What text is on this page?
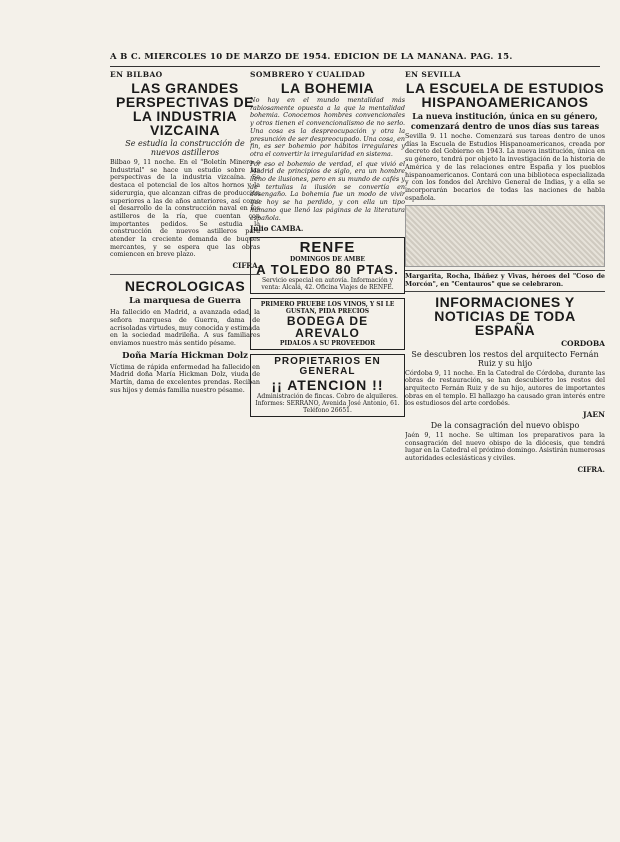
A B C. MIERCOLES 10 DE MARZO DE 1954. EDICION DE LA MAÑANA. PAG. 15.
EN BILBAO
LAS GRANDES PERSPECTIVAS DE LA INDUSTRIA VIZCAINA
Se estudia la construcción de nuevos astilleros

Bilbao 9, 11 noche. En el "Boletín Minero e Industrial" se hace un estudio sobre las perspectivas de la industria vizcaína. Se destaca el potencial de los altos hornos y la siderurgia, que alcanzan cifras de producción superiores a las de años anteriores, así como el desarrollo de la construcción naval en los astilleros de la ría, que cuentan con importantes pedidos. Se estudia la construcción de nuevos astilleros para atender la creciente demanda de buques mercantes, y se espera que las obras comiencen en breve plazo.

CIFRA.
NECROLOGICAS
La marquesa de Guerra

Ha fallecido en Madrid, a avanzada edad, la señora marquesa de Guerra, dama de acrisoladas virtudes, muy conocida y estimada en la sociedad madrileña. A sus familiares enviamos nuestro más sentido pésame.

Doña María Hickman Dolz

Víctima de rápida enfermedad ha fallecido en Madrid doña María Hickman Dolz, viuda de Martín, dama de excelentes prendas. Reciban sus hijos y demás familia nuestro pésame.

SOMBRERO Y CUALIDAD
LA BOHEMIA

No hay en el mundo mentalidad más rabiosamente opuesta a la que la mentalidad bohemia. Conocemos hombres convencionales y otros tienen el convencionalismo de no serlo. Una cosa es la despreocupación y otra la presunción de ser despreocupado. Una cosa, en fin, es ser bohemio por hábitos irregulares y otra el convertir la irregularidad en sistema.

Por eso el bohemio de verdad, el que vivió el Madrid de principios de siglo, era un hombre lleno de ilusiones, pero en su mundo de cafés y de tertulias la ilusión se convertía en desengaño. La bohemia fue un modo de vivir que hoy se ha perdido, y con ella un tipo humano que llenó las páginas de la literatura española.

Julio CAMBA.
RENFE
DOMINGOS DE AMBE
A TOLEDO 80 PTAS.
Servicio especial en autovía. Información y venta: Alcalá, 42. Oficina Viajes de RENFE.
PRIMERO PRUEBE LOS VINOS, Y SI LE GUSTAN, PIDA PRECIOS
BODEGA DE AREVALO
PIDALOS A SU PROVEEDOR
PROPIETARIOS EN GENERAL
¡¡ ATENCION !!
Administración de fincas. Cobro de alquileres. Informes: SERRANO, Avenida José Antonio, 61. Teléfono 26651.
EN SEVILLA
LA ESCUELA DE ESTUDIOS HISPANOAMERICANOS
La nueva institución, única en su género, comenzará dentro de unos días sus tareas

Sevilla 9. 11 noche. Comenzará sus tareas dentro de unos días la Escuela de Estudios Hispanoamericanos, creada por decreto del Gobierno en 1943. La nueva institución, única en su género, tendrá por objeto la investigación de la historia de América y de las relaciones entre España y los pueblos hispanoamericanos. Contará con una biblioteca especializada y con los fondos del Archivo General de Indias, y a ella se incorporarán becarios de todas las naciones de habla española.

Margarita, Rocha, Ibáñez y Vivas, héroes del "Coso de Morcón", en "Centauros" que se celebraron.
INFORMACIONES Y NOTICIAS DE TODA ESPAÑA
CORDOBA
Se descubren los restos del arquitecto Fernán Ruiz y su hijo

Córdoba 9, 11 noche. En la Catedral de Córdoba, durante las obras de restauración, se han descubierto los restos del arquitecto Fernán Ruiz y de su hijo, autores de importantes obras en el templo. El hallazgo ha causado gran interés entre los estudiosos del arte cordobés.

JAEN
De la consagración del nuevo obispo

Jaén 9, 11 noche. Se ultiman los preparativos para la consagración del nuevo obispo de la diócesis, que tendrá lugar en la Catedral el próximo domingo. Asistirán numerosas autoridades eclesiásticas y civiles.

CIFRA.
